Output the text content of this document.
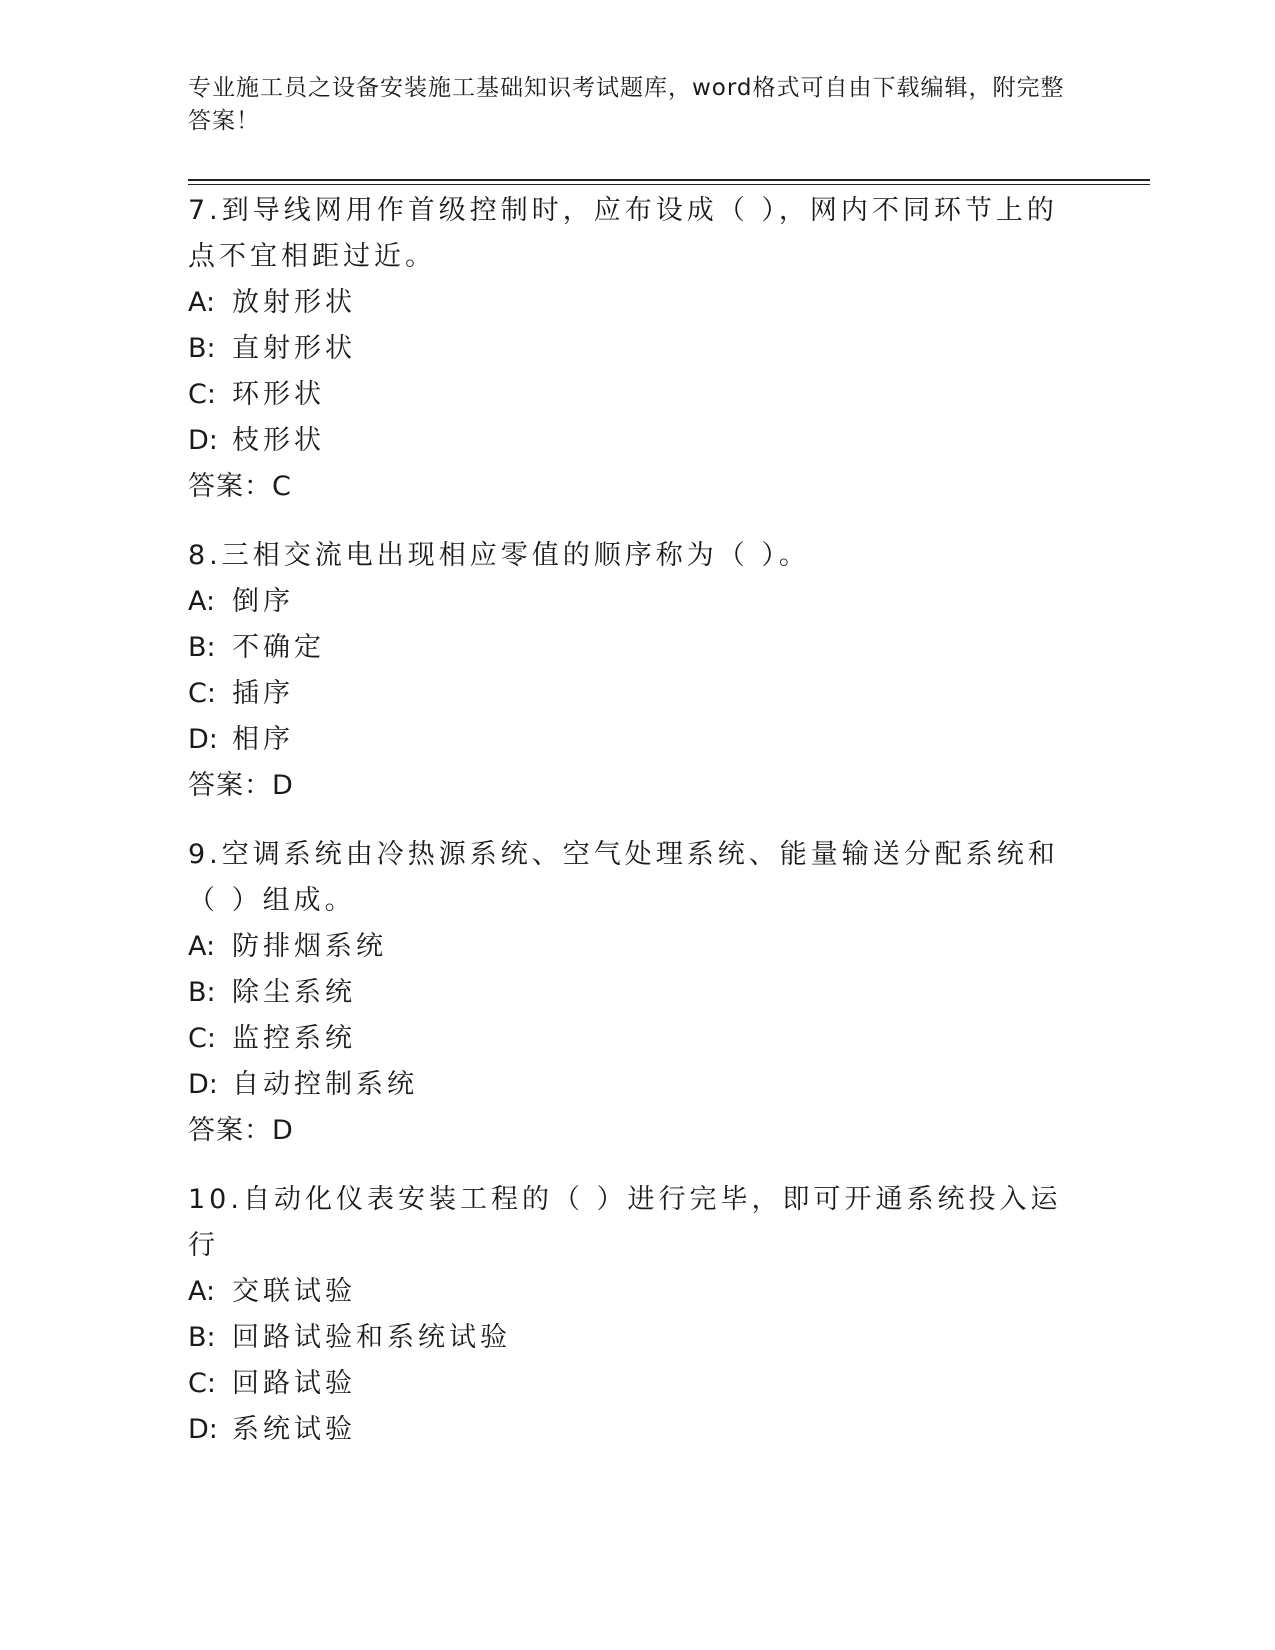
专业施工员之设备安装施工基础知识考试题库，word格式可自由下载编辑，附完整答案！
7.到导线网用作首级控制时，应布设成（ ），网内不同环节上的点不宜相距过近。
A: 放射形状
B: 直射形状
C: 环形状
D: 枝形状
答案：C
8.三相交流电出现相应零值的顺序称为（ ）。
A: 倒序
B: 不确定
C: 插序
D: 相序
答案：D
9.空调系统由冷热源系统、空气处理系统、能量输送分配系统和（ ）组成。
A: 防排烟系统
B: 除尘系统
C: 监控系统
D: 自动控制系统
答案：D
10.自动化仪表安装工程的（ ）进行完毕，即可开通系统投入运行
A: 交联试验
B: 回路试验和系统试验
C: 回路试验
D: 系统试验
